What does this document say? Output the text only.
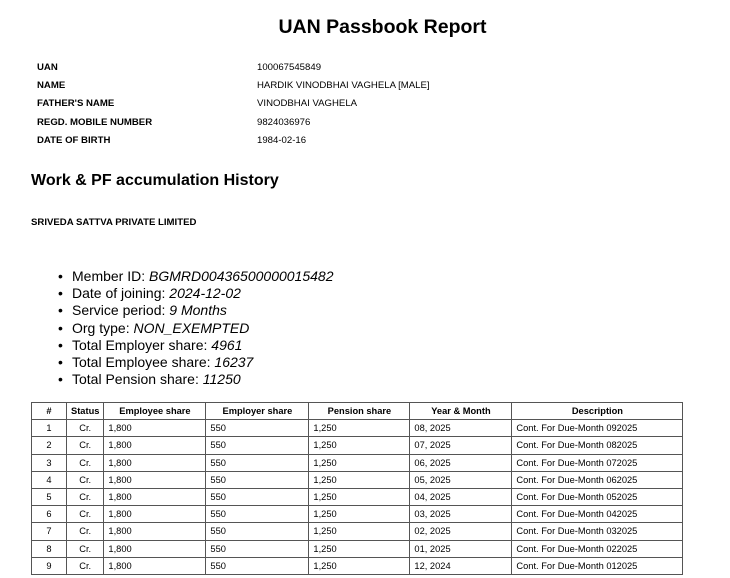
UAN Passbook Report
UAN	100067545849
NAME	HARDIK VINODBHAI VAGHELA [MALE]
FATHER'S NAME	VINODBHAI VAGHELA
REGD. MOBILE NUMBER	9824036976
DATE OF BIRTH	1984-02-16
Work & PF accumulation History
SRIVEDA SATTVA PRIVATE LIMITED
• Member ID: BGMRD00436500000015482
• Date of joining: 2024-12-02
• Service period: 9 Months
• Org type: NON_EXEMPTED
• Total Employer share: 4961
• Total Employee share: 16237
• Total Pension share: 11250
#	Status	Employee share	Employer share	Pension share	Year & Month	Description
1	Cr.	1,800	550	1,250	08, 2025	Cont. For Due-Month 092025
2	Cr.	1,800	550	1,250	07, 2025	Cont. For Due-Month 082025
3	Cr.	1,800	550	1,250	06, 2025	Cont. For Due-Month 072025
4	Cr.	1,800	550	1,250	05, 2025	Cont. For Due-Month 062025
5	Cr.	1,800	550	1,250	04, 2025	Cont. For Due-Month 052025
6	Cr.	1,800	550	1,250	03, 2025	Cont. For Due-Month 042025
7	Cr.	1,800	550	1,250	02, 2025	Cont. For Due-Month 032025
8	Cr.	1,800	550	1,250	01, 2025	Cont. For Due-Month 022025
9	Cr.	1,800	550	1,250	12, 2024	Cont. For Due-Month 012025
